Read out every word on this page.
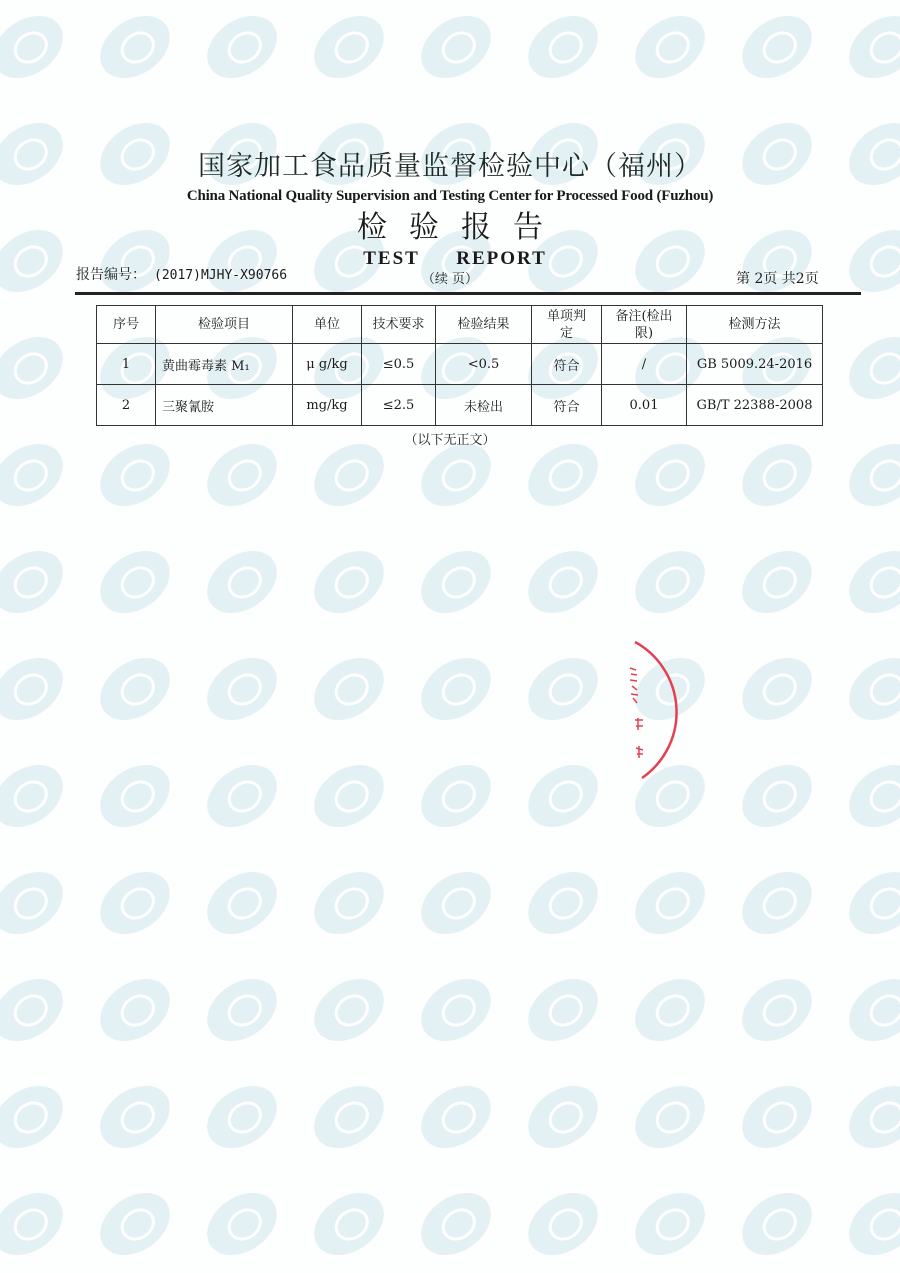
国家加工食品质量监督检验中心（福州）
China National Quality Supervision and Testing Center for Processed Food (Fuzhou)
检验报告
TEST REPORT
报告编号： (2017)MJHY-X90766	（续 页）	第 2页 共2页
序号	检验项目	单位	技术要求	检验结果	单项判定	备注(检出限)	检测方法
1	黄曲霉毒素 M₁	μ g/kg	≤0.5	<0.5	符合	/	GB 5009.24-2016
2	三聚氰胺	mg/kg	≤2.5	未检出	符合	0.01	GB/T 22388-2008
（以下无正文）
